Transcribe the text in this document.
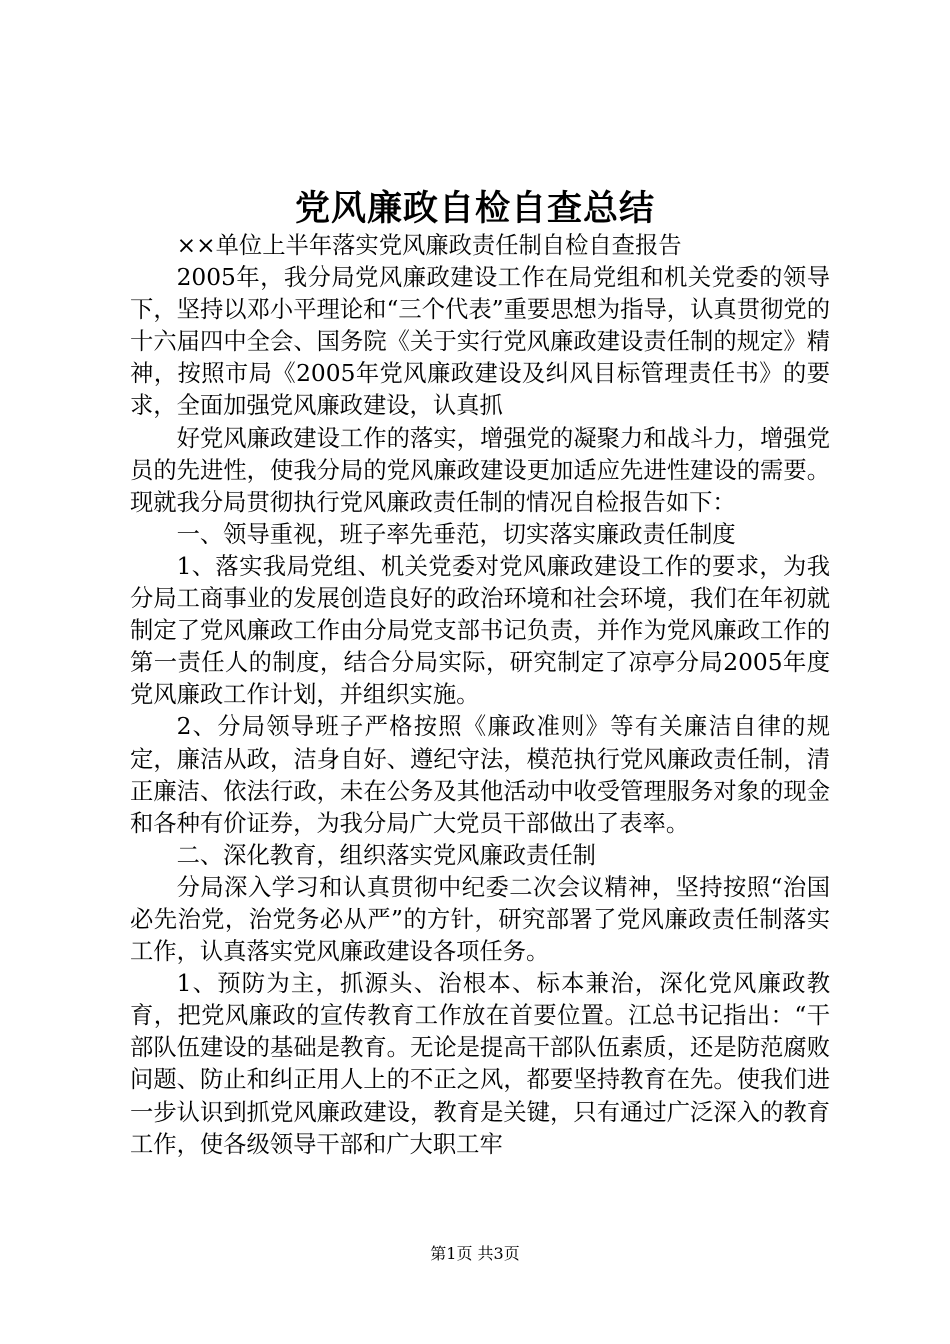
党风廉政自检自查总结

××单位上半年落实党风廉政责任制自检自查报告

2005年，我分局党风廉政建设工作在局党组和机关党委的领导下，坚持以邓小平理论和“三个代表”重要思想为指导，认真贯彻党的十六届四中全会、国务院《关于实行党风廉政建设责任制的规定》精神，按照市局《2005年党风廉政建设及纠风目标管理责任书》的要求，全面加强党风廉政建设，认真抓

好党风廉政建设工作的落实，增强党的凝聚力和战斗力，增强党员的先进性，使我分局的党风廉政建设更加适应先进性建设的需要。现就我分局贯彻执行党风廉政责任制的情况自检报告如下：

一、领导重视，班子率先垂范，切实落实廉政责任制度

1、落实我局党组、机关党委对党风廉政建设工作的要求，为我分局工商事业的发展创造良好的政治环境和社会环境，我们在年初就制定了党风廉政工作由分局党支部书记负责，并作为党风廉政工作的第一责任人的制度，结合分局实际，研究制定了凉亭分局2005年度党风廉政工作计划，并组织实施。

2、分局领导班子严格按照《廉政准则》等有关廉洁自律的规定，廉洁从政，洁身自好、遵纪守法，模范执行党风廉政责任制，清正廉洁、依法行政，未在公务及其他活动中收受管理服务对象的现金和各种有价证券，为我分局广大党员干部做出了表率。

二、深化教育，组织落实党风廉政责任制

分局深入学习和认真贯彻中纪委二次会议精神，坚持按照“治国必先治党，治党务必从严”的方针，研究部署了党风廉政责任制落实工作，认真落实党风廉政建设各项任务。

1、预防为主，抓源头、治根本、标本兼治，深化党风廉政教育，把党风廉政的宣传教育工作放在首要位置。江总书记指出：“干部队伍建设的基础是教育。无论是提高干部队伍素质，还是防范腐败问题、防止和纠正用人上的不正之风，都要坚持教育在先。使我们进一步认识到抓党风廉政建设，教育是关键，只有通过广泛深入的教育工作，使各级领导干部和广大职工牢

第1页 共3页
